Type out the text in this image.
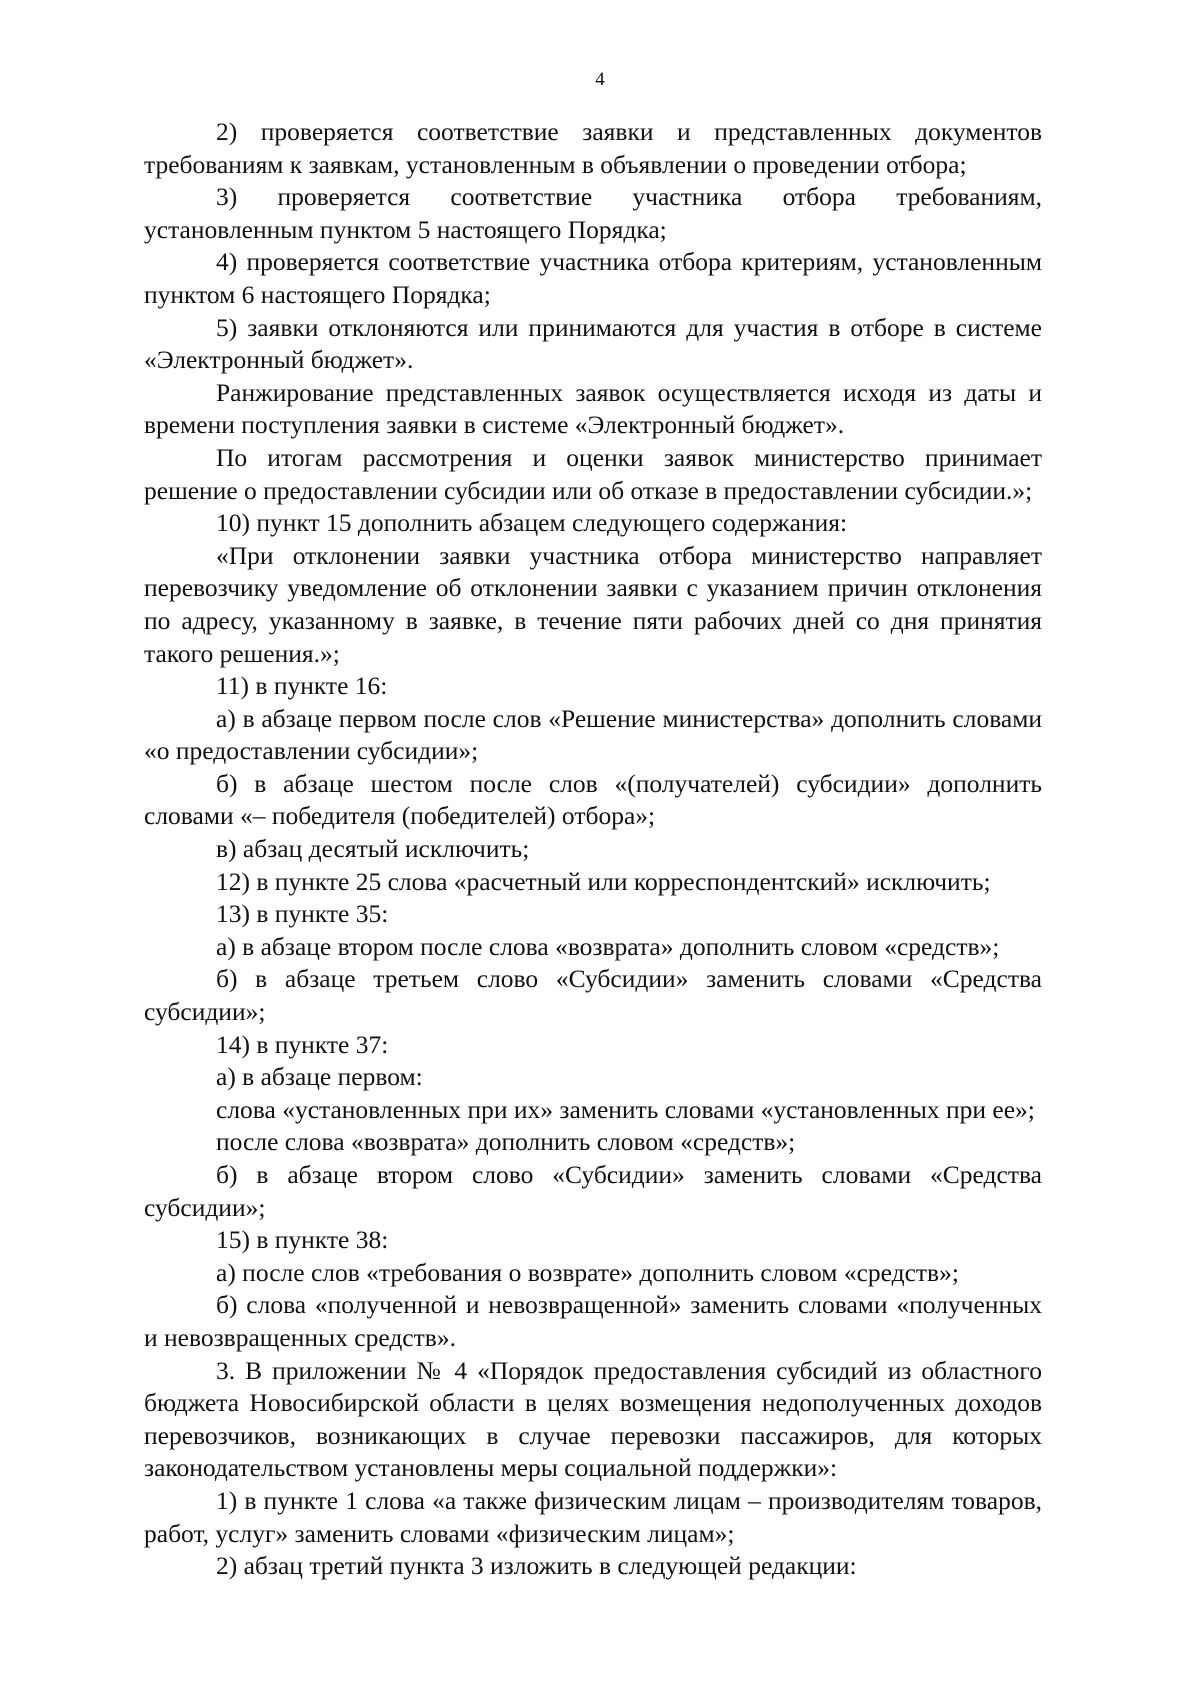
4

2) проверяется соответствие заявки и представленных документов требованиям к заявкам, установленным в объявлении о проведении отбора;

3) проверяется соответствие участника отбора требованиям, установленным пунктом 5 настоящего Порядка;

4) проверяется соответствие участника отбора критериям, установленным пунктом 6 настоящего Порядка;

5) заявки отклоняются или принимаются для участия в отборе в системе «Электронный бюджет».

Ранжирование представленных заявок осуществляется исходя из даты и времени поступления заявки в системе «Электронный бюджет».

По итогам рассмотрения и оценки заявок министерство принимает решение о предоставлении субсидии или об отказе в предоставлении субсидии.»;

10) пункт 15 дополнить абзацем следующего содержания:

«При отклонении заявки участника отбора министерство направляет перевозчику уведомление об отклонении заявки с указанием причин отклонения по адресу, указанному в заявке, в течение пяти рабочих дней со дня принятия такого решения.»;

11) в пункте 16:

а) в абзаце первом после слов «Решение министерства» дополнить словами «о предоставлении субсидии»;

б) в абзаце шестом после слов «(получателей) субсидии» дополнить словами «– победителя (победителей) отбора»;

в) абзац десятый исключить;

12) в пункте 25 слова «расчетный или корреспондентский» исключить;

13) в пункте 35:

а) в абзаце втором после слова «возврата» дополнить словом «средств»;

б) в абзаце третьем слово «Субсидии» заменить словами «Средства субсидии»;

14) в пункте 37:

а) в абзаце первом:

слова «установленных при их» заменить словами «установленных при ее»;

после слова «возврата» дополнить словом «средств»;

б) в абзаце втором слово «Субсидии» заменить словами «Средства субсидии»;

15) в пункте 38:

а) после слов «требования о возврате» дополнить словом «средств»;

б) слова «полученной и невозвращенной» заменить словами «полученных и невозвращенных средств».

3. В приложении № 4 «Порядок предоставления субсидий из областного бюджета Новосибирской области в целях возмещения недополученных доходов перевозчиков, возникающих в случае перевозки пассажиров, для которых законодательством установлены меры социальной поддержки»:

1) в пункте 1 слова «а также физическим лицам – производителям товаров, работ, услуг» заменить словами «физическим лицам»;

2) абзац третий пункта 3 изложить в следующей редакции:
